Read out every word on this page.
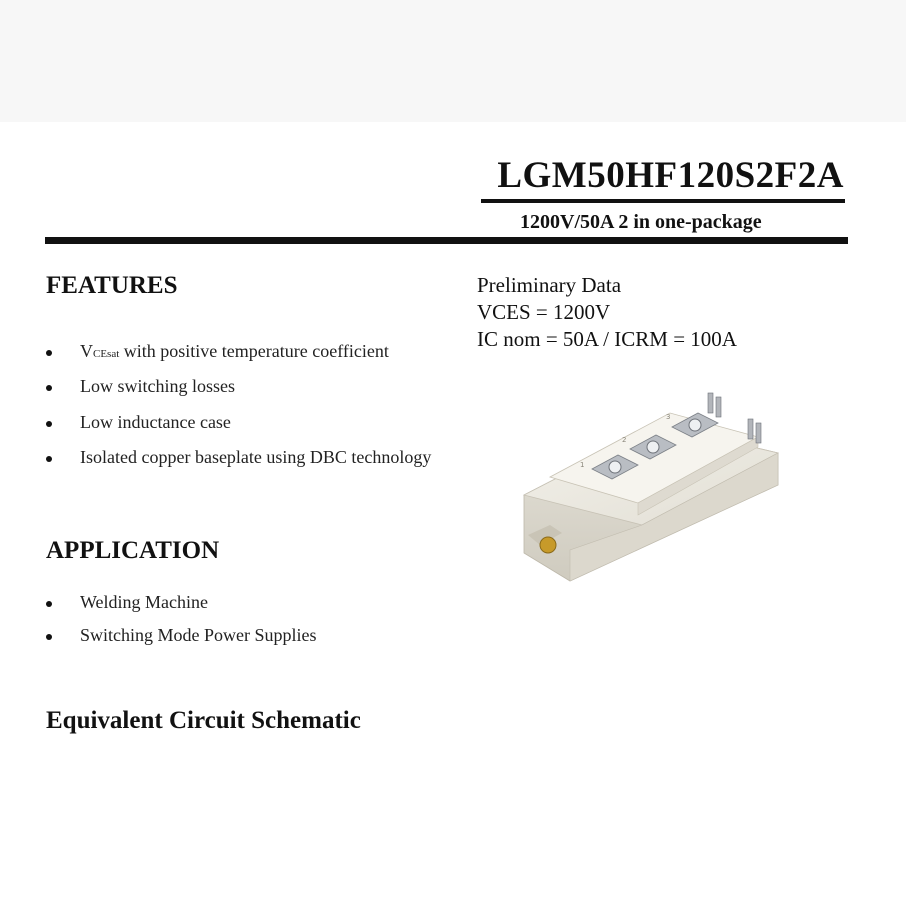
LGM50HF120S2F2A
1200V/50A 2 in one-package
FEATURES
VCEsat with positive temperature coefficient
Low switching losses
Low inductance case
Isolated copper baseplate using DBC technology
Preliminary Data
VCES = 1200V
IC nom = 50A / ICRM = 100A
1
2
3
APPLICATION
Welding Machine
Switching Mode Power Supplies
Equivalent Circuit Schematic
